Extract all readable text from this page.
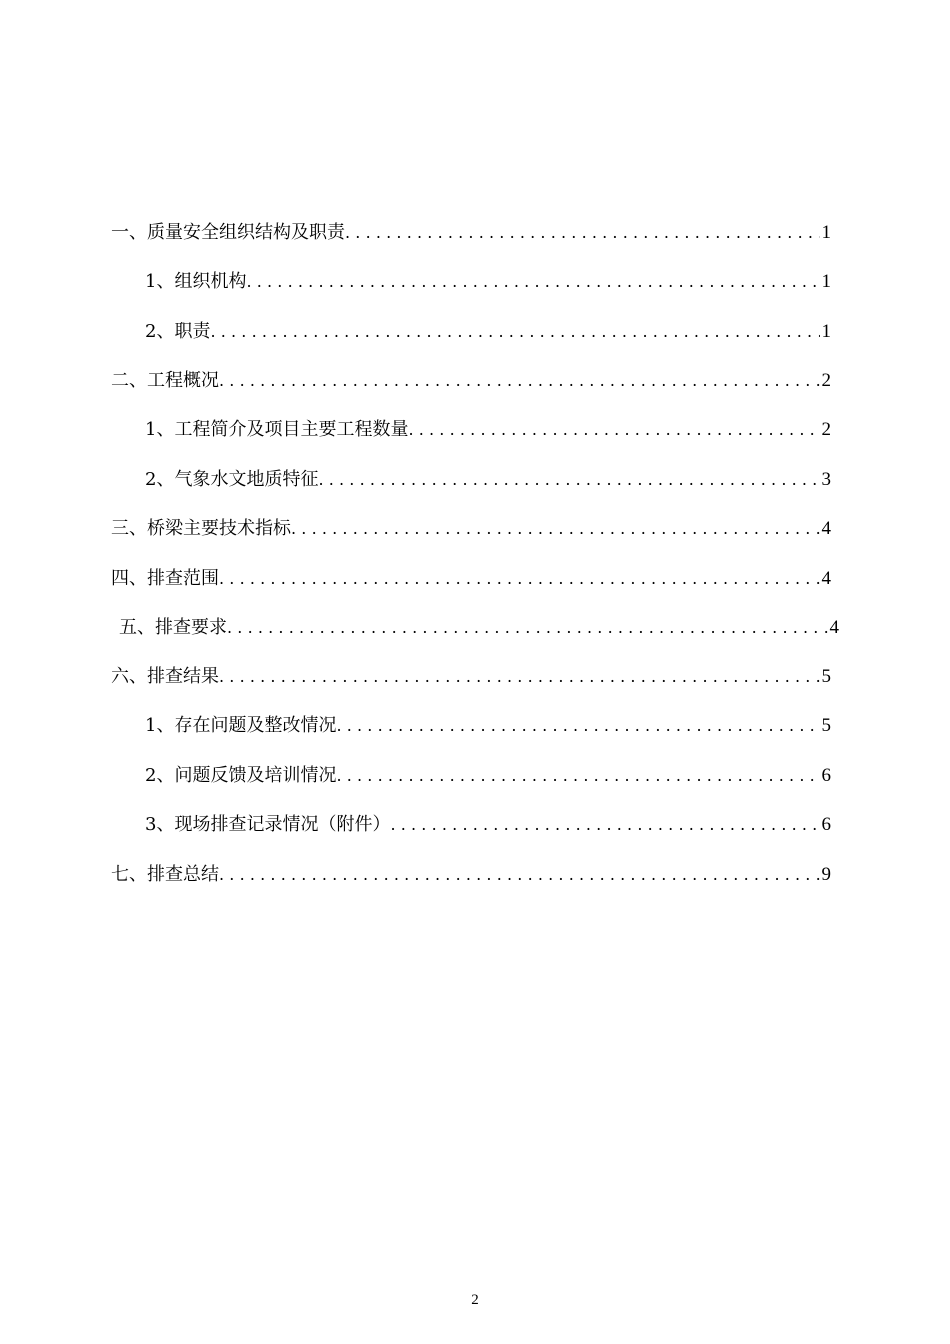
一、质量安全组织结构及职责 .....	1
1、组织机构 .....	1
2、职责 .....	1
二、工程概况 .....	2
1、工程简介及项目主要工程数量 .....	2
2、气象水文地质特征 .....	3
三、桥梁主要技术指标 .....	4
四、排查范围 .....	4
五、排查要求 .....	4
六、排查结果 .....	5
1、存在问题及整改情况 .....	5
2、问题反馈及培训情况 .....	6
3、现场排查记录情况（附件） .....	6
七、排查总结 .....	9
2
